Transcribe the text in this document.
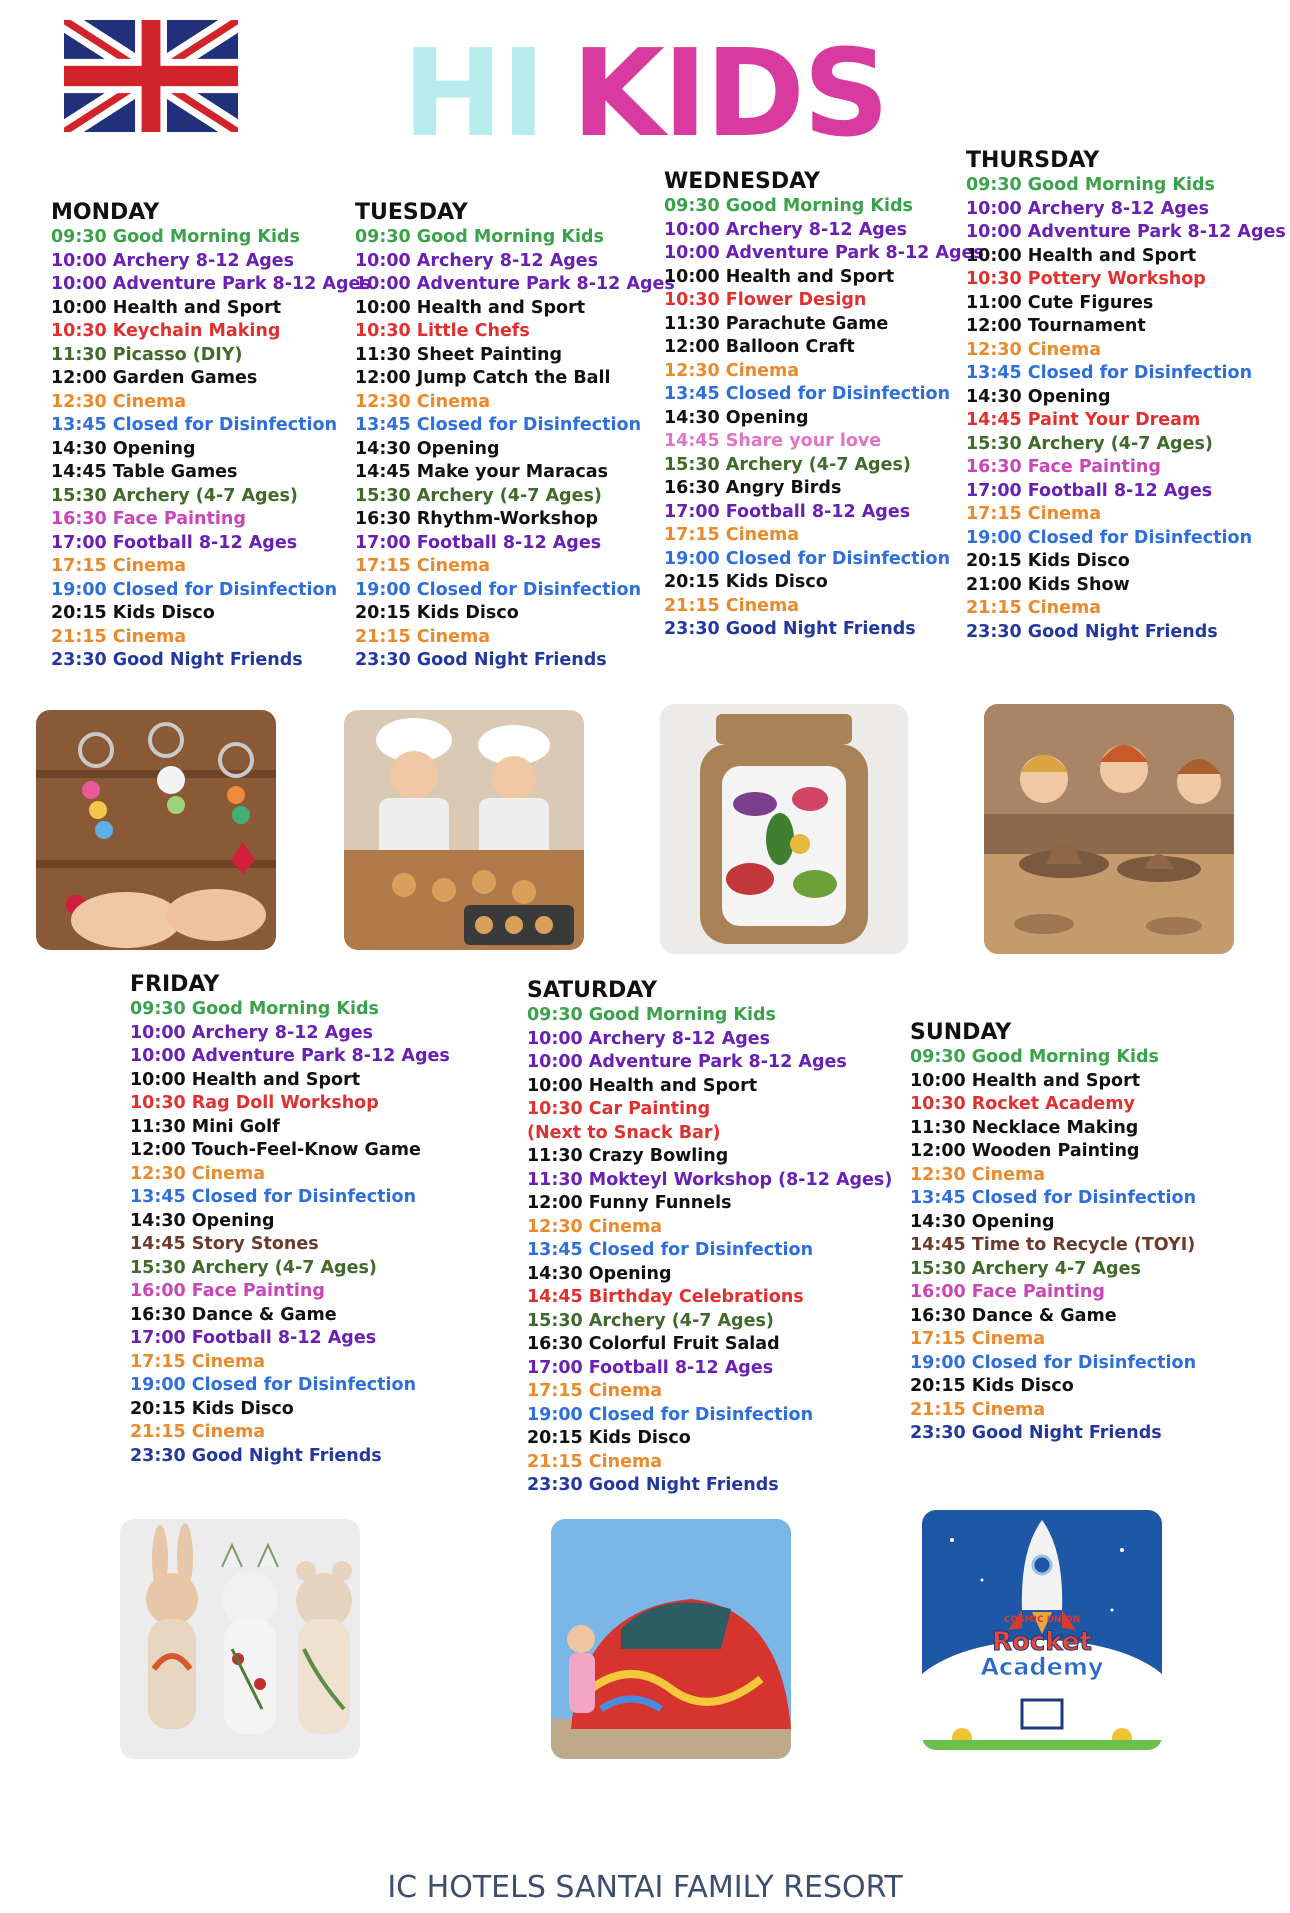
HI KIDS
MONDAY
09:30 Good Morning Kids
10:00 Archery 8-12 Ages
10:00 Adventure Park 8-12 Ages
10:00 Health and Sport
10:30 Keychain Making
11:30 Picasso (DIY)
12:00 Garden Games
12:30 Cinema
13:45 Closed for Disinfection
14:30 Opening
14:45 Table Games
15:30 Archery (4-7 Ages)
16:30 Face Painting
17:00 Football 8-12 Ages
17:15 Cinema
19:00 Closed for Disinfection
20:15 Kids Disco
21:15 Cinema
23:30 Good Night Friends
TUESDAY
09:30 Good Morning Kids
10:00 Archery 8-12 Ages
10:00 Adventure Park 8-12 Ages
10:00 Health and Sport
10:30 Little Chefs
11:30 Sheet Painting
12:00 Jump Catch the Ball
12:30 Cinema
13:45 Closed for Disinfection
14:30 Opening
14:45 Make your Maracas
15:30 Archery (4-7 Ages)
16:30 Rhythm-Workshop
17:00 Football 8-12 Ages
17:15 Cinema
19:00 Closed for Disinfection
20:15 Kids Disco
21:15 Cinema
23:30 Good Night Friends
WEDNESDAY
09:30 Good Morning Kids
10:00 Archery 8-12 Ages
10:00 Adventure Park 8-12 Ages
10:00 Health and Sport
10:30 Flower Design
11:30 Parachute Game
12:00 Balloon Craft
12:30 Cinema
13:45 Closed for Disinfection
14:30 Opening
14:45 Share your love
15:30 Archery (4-7 Ages)
16:30 Angry Birds
17:00 Football 8-12 Ages
17:15 Cinema
19:00 Closed for Disinfection
20:15 Kids Disco
21:15 Cinema
23:30 Good Night Friends
THURSDAY
09:30 Good Morning Kids
10:00 Archery 8-12 Ages
10:00 Adventure Park 8-12 Ages
10:00 Health and Sport
10:30 Pottery Workshop
11:00 Cute Figures
12:00 Tournament
12:30 Cinema
13:45 Closed for Disinfection
14:30 Opening
14:45 Paint Your Dream
15:30 Archery (4-7 Ages)
16:30 Face Painting
17:00 Football 8-12 Ages
17:15 Cinema
19:00 Closed for Disinfection
20:15 Kids Disco
21:00 Kids Show
21:15 Cinema
23:30 Good Night Friends
FRIDAY
09:30 Good Morning Kids
10:00 Archery 8-12 Ages
10:00 Adventure Park 8-12 Ages
10:00 Health and Sport
10:30 Rag Doll Workshop
11:30 Mini Golf
12:00 Touch-Feel-Know Game
12:30 Cinema
13:45 Closed for Disinfection
14:30 Opening
14:45 Story Stones
15:30 Archery (4-7 Ages)
16:00 Face Painting
16:30 Dance & Game
17:00 Football 8-12 Ages
17:15 Cinema
19:00 Closed for Disinfection
20:15 Kids Disco
21:15 Cinema
23:30 Good Night Friends
SATURDAY
09:30 Good Morning Kids
10:00 Archery 8-12 Ages
10:00 Adventure Park 8-12 Ages
10:00 Health and Sport
10:30 Car Painting
(Next to Snack Bar)
11:30 Crazy Bowling
11:30 Mokteyl Workshop (8-12 Ages)
12:00 Funny Funnels
12:30 Cinema
13:45 Closed for Disinfection
14:30 Opening
14:45 Birthday Celebrations
15:30 Archery (4-7 Ages)
16:30 Colorful Fruit Salad
17:00 Football 8-12 Ages
17:15 Cinema
19:00 Closed for Disinfection
20:15 Kids Disco
21:15 Cinema
23:30 Good Night Friends
SUNDAY
09:30 Good Morning Kids
10:00 Health and Sport
10:30 Rocket Academy
11:30 Necklace Making
12:00 Wooden Painting
12:30 Cinema
13:45 Closed for Disinfection
14:30 Opening
14:45 Time to Recycle (TOYI)
15:30 Archery 4-7 Ages
16:00 Face Painting
16:30 Dance & Game
17:15 Cinema
19:00 Closed for Disinfection
20:15 Kids Disco
21:15 Cinema
23:30 Good Night Friends
COSMIC UNION
Rocket
Academy
IC HOTELS SANTAI FAMILY RESORT
